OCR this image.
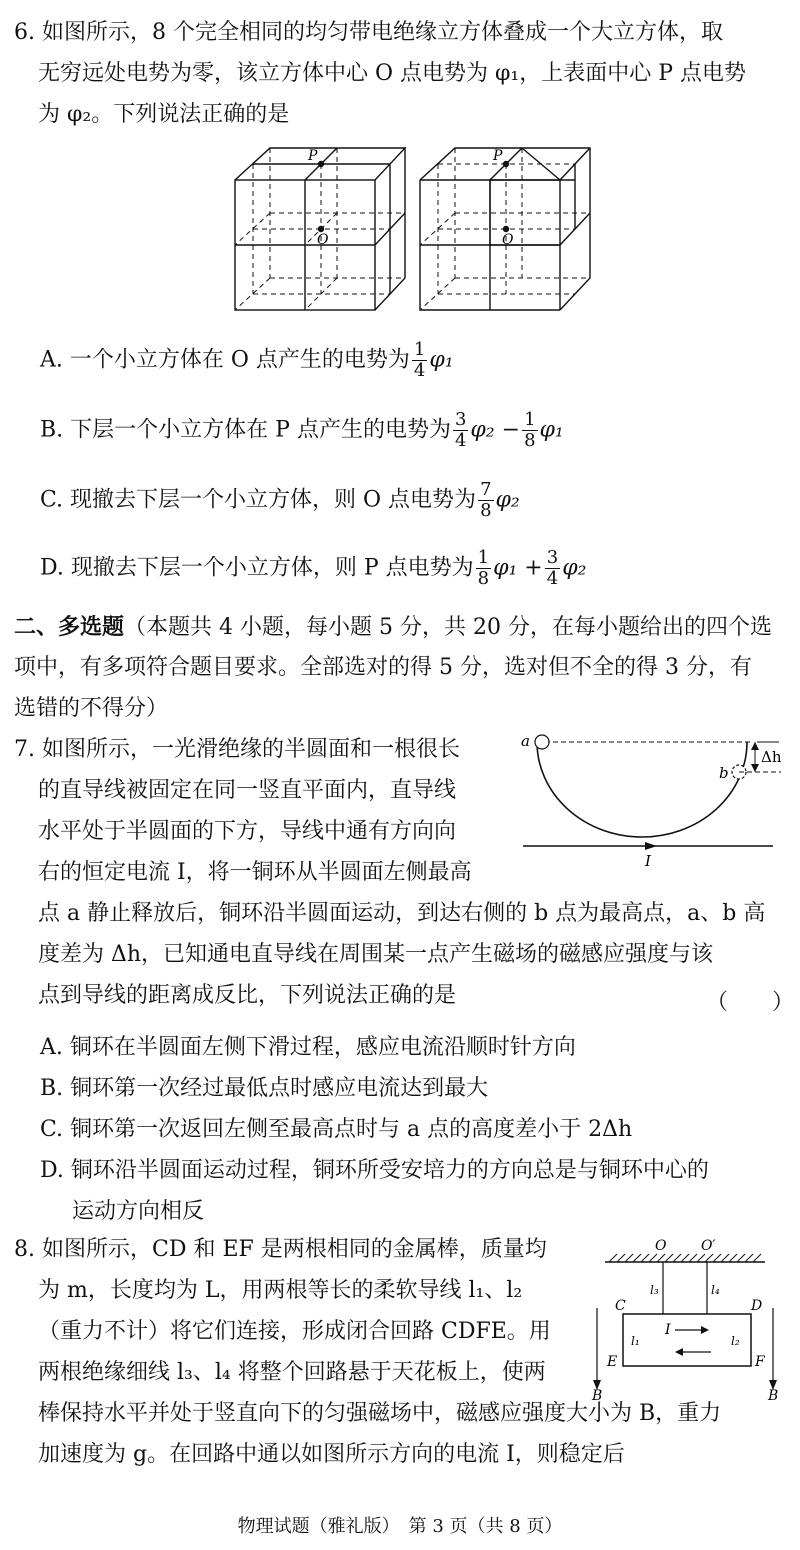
6. 如图所示，8 个完全相同的均匀带电绝缘立方体叠成一个大立方体，取
无穷远处电势为零，该立方体中心 O 点电势为 φ₁，上表面中心 P 点电势
为 φ₂。下列说法正确的是
P
O
P
O
A. 一个小立方体在 O 点产生的电势为 $\frac{1}{4} \varphi_1$
B. 下层一个小立方体在 P 点产生的电势为 $\frac{3}{4} \varphi_2 - \frac{1}{8} \varphi_1$
C. 现撤去下层一个小立方体，则 O 点电势为 $\frac{7}{8} \varphi_2$
D. 现撤去下层一个小立方体，则 P 点电势为 $\frac{1}{8} \varphi_1 + \frac{3}{4} \varphi_2$
二、多选题（本题共 4 小题，每小题 5 分，共 20 分，在每小题给出的四个选
项中，有多项符合题目要求。全部选对的得 5 分，选对但不全的得 3 分，有
选错的不得分）
7. 如图所示，一光滑绝缘的半圆面和一根很长
的直导线被固定在同一竖直平面内，直导线
水平处于半圆面的下方，导线中通有方向向
右的恒定电流 I，将一铜环从半圆面左侧最高
点 a 静止释放后，铜环沿半圆面运动，到达右侧的 b 点为最高点，a、b 高
度差为 Δh，已知通电直导线在周围某一点产生磁场的磁感应强度与该
点到导线的距离成反比，下列说法正确的是	（　　）
a
b
Δh
I
A. 铜环在半圆面左侧下滑过程，感应电流沿顺时针方向
B. 铜环第一次经过最低点时感应电流达到最大
C. 铜环第一次返回左侧至最高点时与 a 点的高度差小于 2Δh
D. 铜环沿半圆面运动过程，铜环所受安培力的方向总是与铜环中心的
运动方向相反
8. 如图所示，CD 和 EF 是两根相同的金属棒，质量均
为 m，长度均为 L，用两根等长的柔软导线 l₁、l₂
（重力不计）将它们连接，形成闭合回路 CDFE。用
两根绝缘细线 l₃、l₄ 将整个回路悬于天花板上，使两
棒保持水平并处于竖直向下的匀强磁场中，磁感应强度大小为 B，重力
加速度为 g。在回路中通以如图所示方向的电流 I，则稳定后
O O′
C	D
E	F
l₃	l₄
l₁	l₂
I
B	B
物理试题（雅礼版）　第 3 页（共 8 页）
